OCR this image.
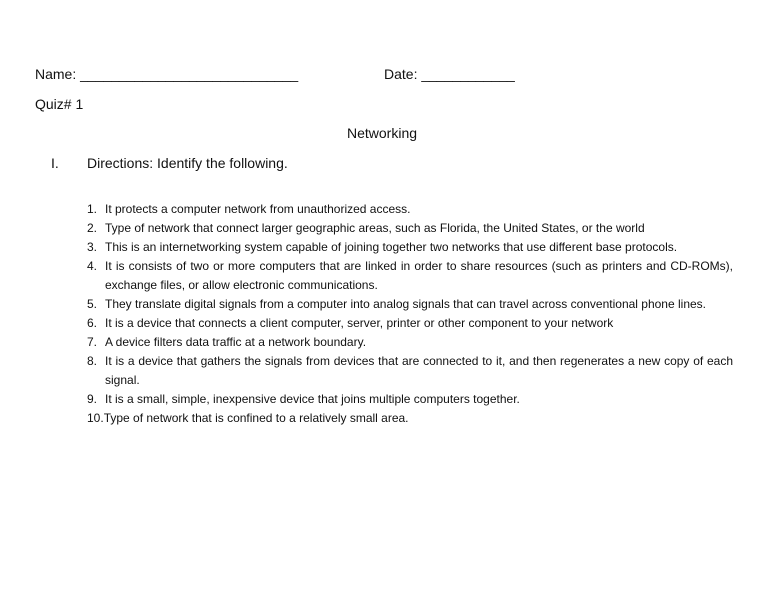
Name: ____________________________	Date: ____________
Quiz# 1
Networking
I. Directions: Identify the following.
1. It protects a computer network from unauthorized access.
2. Type of network that connect larger geographic areas, such as Florida, the United States, or the world
3. This is an internetworking system capable of joining together two networks that use different base protocols.
4. It is consists of two or more computers that are linked in order to share resources (such as printers and CD-ROMs), exchange files, or allow electronic communications.
5. They translate digital signals from a computer into analog signals that can travel across conventional phone lines.
6. It is a device that connects a client computer, server, printer or other component to your network
7. A device filters data traffic at a network boundary.
8. It is a device that gathers the signals from devices that are connected to it, and then regenerates a new copy of each signal.
9. It is a small, simple, inexpensive device that joins multiple computers together.
10. Type of network that is confined to a relatively small area.
